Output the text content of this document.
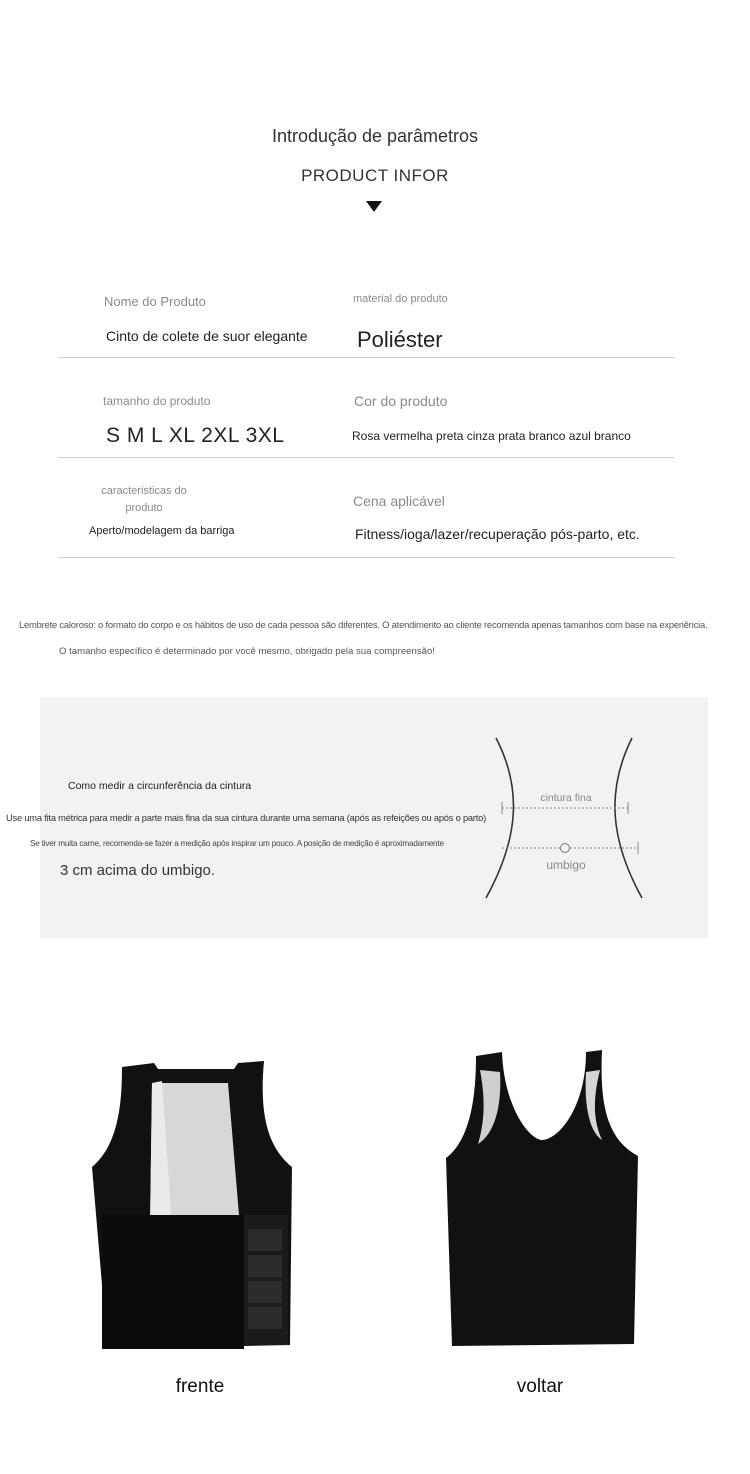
Introdução de parâmetros
PRODUCT INFOR
Nome do Produto
Cinto de colete de suor elegante
material do produto
Poliéster
tamanho do produto
S M L XL 2XL 3XL
Cor do produto
Rosa vermelha preta cinza prata branco azul branco
caracteristicas do
produto
Aperto/modelagem da barriga
Cena aplicável
Fitness/ioga/lazer/recuperação pós-parto, etc.
Lembrete caloroso: o formato do corpo e os hábitos de uso de cada pessoa são diferentes. O atendimento ao cliente recomenda apenas tamanhos com base na experiência.
O tamanho específico é determinado por você mesmo, obrigado pela sua compreensão!
Como medir a circunferência da cintura
Use uma fita métrica para medir a parte mais fina da sua cintura durante uma semana (após as refeições ou após o parto)
Se tiver muita carne, recomenda-se fazer a medição após inspirar um pouco. A posição de medição é aproximadamente
3 cm acima do umbigo.
cintura fina
umbigo
frente	voltar
